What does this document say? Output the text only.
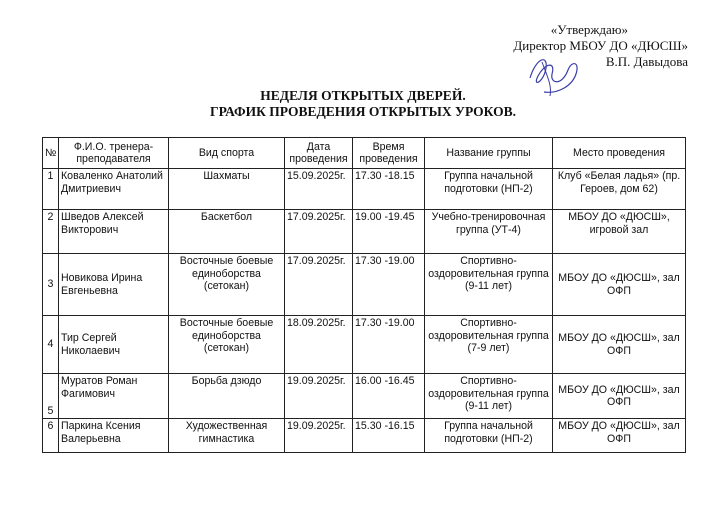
«Утверждаю»
Директор МБОУ ДО «ДЮСШ»
В.П. Давыдова
НЕДЕЛЯ ОТКРЫТЫХ ДВЕРЕЙ.
ГРАФИК ПРОВЕДЕНИЯ ОТКРЫТЫХ УРОКОВ.
№	Ф.И.О. тренера-преподавателя	Вид спорта	Дата проведения	Время проведения	Название группы	Место проведения
1	Коваленко Анатолий Дмитриевич	Шахматы	15.09.2025г.	17.30 -18.15	Группа начальной подготовки (НП-2)	Клуб «Белая ладья» (пр. Героев, дом 62)
2	Шведов Алексей Викторович	Баскетбол	17.09.2025г.	19.00 -19.45	Учебно-тренировочная группа (УТ-4)	МБОУ ДО «ДЮСШ», игровой зал
3	Новикова Ирина Евгеньевна	Восточные боевые единоборства (сетокан)	17.09.2025г.	17.30 -19.00	Спортивно-оздоровительная группа (9-11 лет)	МБОУ ДО «ДЮСШ», зал ОФП
4	Тир Сергей Николаевич	Восточные боевые единоборства (сетокан)	18.09.2025г.	17.30 -19.00	Спортивно-оздоровительная группа (7-9 лет)	МБОУ ДО «ДЮСШ», зал ОФП
5	Муратов Роман Фагимович	Борьба дзюдо	19.09.2025г.	16.00 -16.45	Спортивно-оздоровительная группа (9-11 лет)	МБОУ ДО «ДЮСШ», зал ОФП
6	Паркина Ксения Валерьевна	Художественная гимнастика	19.09.2025г.	15.30 -16.15	Группа начальной подготовки (НП-2)	МБОУ ДО «ДЮСШ», зал ОФП
